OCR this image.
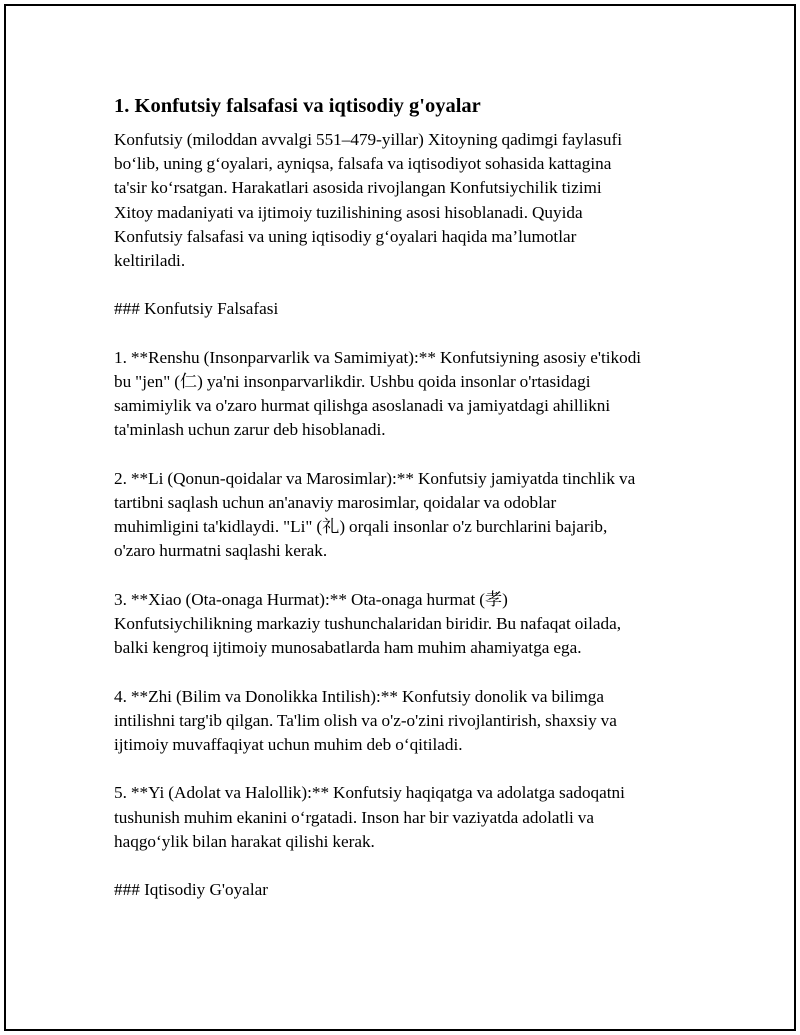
1. Konfutsiy falsafasi va iqtisodiy g'oyalar
Konfutsiy (miloddan avvalgi 551–479-yillar) Xitoyning qadimgi faylasufi
bo‘lib, uning g‘oyalari, ayniqsa, falsafa va iqtisodiyot sohasida kattagina
ta'sir ko‘rsatgan. Harakatlari asosida rivojlangan Konfutsiychilik tizimi
Xitoy madaniyati va ijtimoiy tuzilishining asosi hisoblanadi. Quyida
Konfutsiy falsafasi va uning iqtisodiy g‘oyalari haqida ma’lumotlar
keltiriladi.
### Konfutsiy Falsafasi
1. **Renshu (Insonparvarlik va Samimiyat):** Konfutsiyning asosiy e'tikodi
bu "jen" (仁) ya'ni insonparvarlikdir. Ushbu qoida insonlar o'rtasidagi
samimiylik va o'zaro hurmat qilishga asoslanadi va jamiyatdagi ahillikni
ta'minlash uchun zarur deb hisoblanadi.
2. **Li (Qonun-qoidalar va Marosimlar):** Konfutsiy jamiyatda tinchlik va
tartibni saqlash uchun an'anaviy marosimlar, qoidalar va odoblar
muhimligini ta'kidlaydi. "Li" (礼) orqali insonlar o'z burchlarini bajarib,
o'zaro hurmatni saqlashi kerak.
3. **Xiao (Ota-onaga Hurmat):** Ota-onaga hurmat (孝)
Konfutsiychilikning markaziy tushunchalaridan biridir. Bu nafaqat oilada,
balki kengroq ijtimoiy munosabatlarda ham muhim ahamiyatga ega.
4. **Zhi (Bilim va Donolikka Intilish):** Konfutsiy donolik va bilimga
intilishni targ'ib qilgan. Ta'lim olish va o'z-o'zini rivojlantirish, shaxsiy va
ijtimoiy muvaffaqiyat uchun muhim deb o‘qitiladi.
5. **Yi (Adolat va Halollik):** Konfutsiy haqiqatga va adolatga sadoqatni
tushunish muhim ekanini o‘rgatadi. Inson har bir vaziyatda adolatli va
haqgo‘ylik bilan harakat qilishi kerak.
### Iqtisodiy G'oyalar
